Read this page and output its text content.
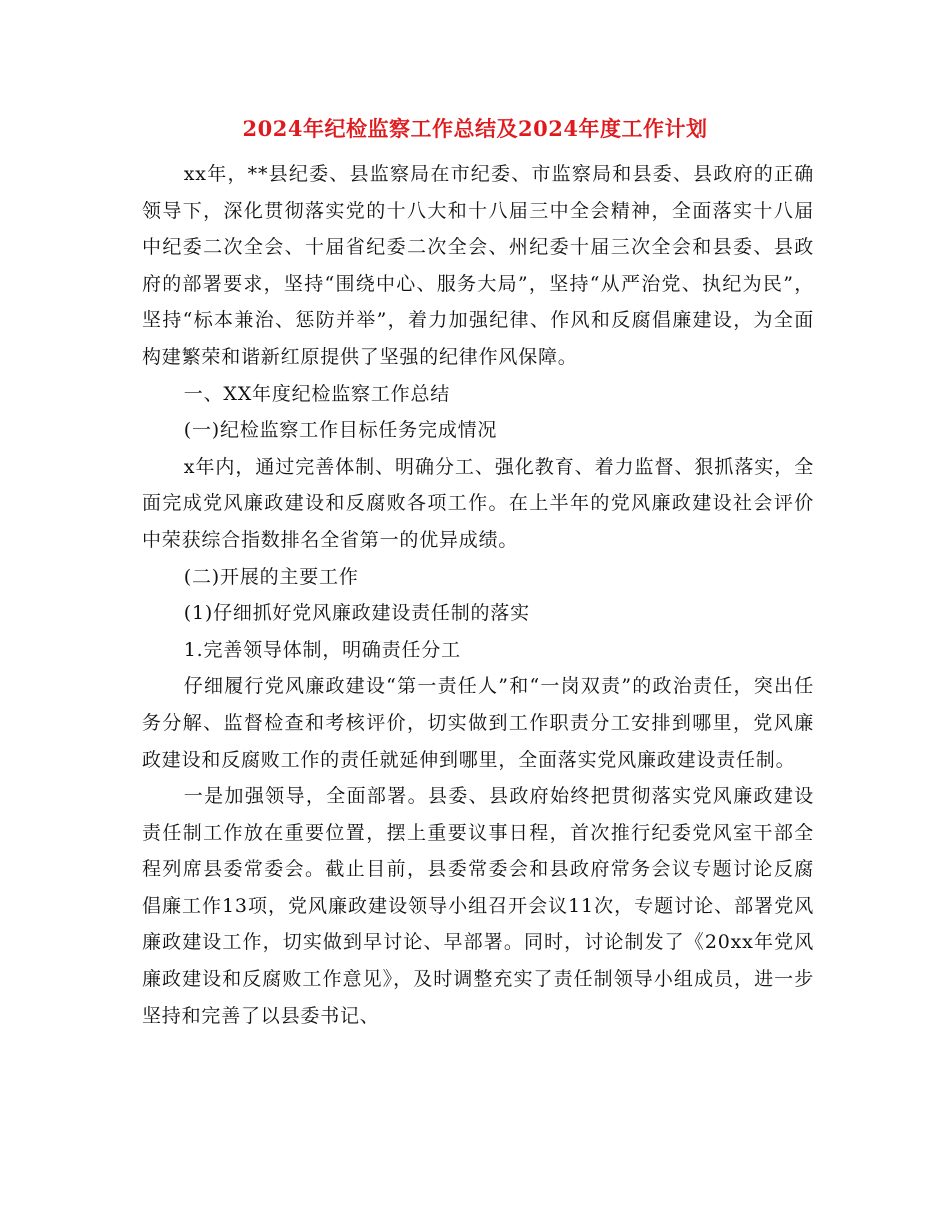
2024年纪检监察工作总结及2024年度工作计划

xx年，**县纪委、县监察局在市纪委、市监察局和县委、县政府的正确领导下，深化贯彻落实党的十八大和十八届三中全会精神，全面落实十八届中纪委二次全会、十届省纪委二次全会、州纪委十届三次全会和县委、县政府的部署要求，坚持“围绕中心、服务大局”，坚持“从严治党、执纪为民”，坚持“标本兼治、惩防并举”，着力加强纪律、作风和反腐倡廉建设，为全面构建繁荣和谐新红原提供了坚强的纪律作风保障。

一、XX年度纪检监察工作总结

(一)纪检监察工作目标任务完成情况

x年内，通过完善体制、明确分工、强化教育、着力监督、狠抓落实，全面完成党风廉政建设和反腐败各项工作。在上半年的党风廉政建设社会评价中荣获综合指数排名全省第一的优异成绩。

(二)开展的主要工作

(1)仔细抓好党风廉政建设责任制的落实

1.完善领导体制，明确责任分工

仔细履行党风廉政建设“第一责任人”和“一岗双责”的政治责任，突出任务分解、监督检查和考核评价，切实做到工作职责分工安排到哪里，党风廉政建设和反腐败工作的责任就延伸到哪里，全面落实党风廉政建设责任制。

一是加强领导，全面部署。县委、县政府始终把贯彻落实党风廉政建设责任制工作放在重要位置，摆上重要议事日程，首次推行纪委党风室干部全程列席县委常委会。截止目前，县委常委会和县政府常务会议专题讨论反腐倡廉工作13项，党风廉政建设领导小组召开会议11次，专题讨论、部署党风廉政建设工作，切实做到早讨论、早部署。同时，讨论制发了《20xx年党风廉政建设和反腐败工作意见》，及时调整充实了责任制领导小组成员，进一步坚持和完善了以县委书记、
